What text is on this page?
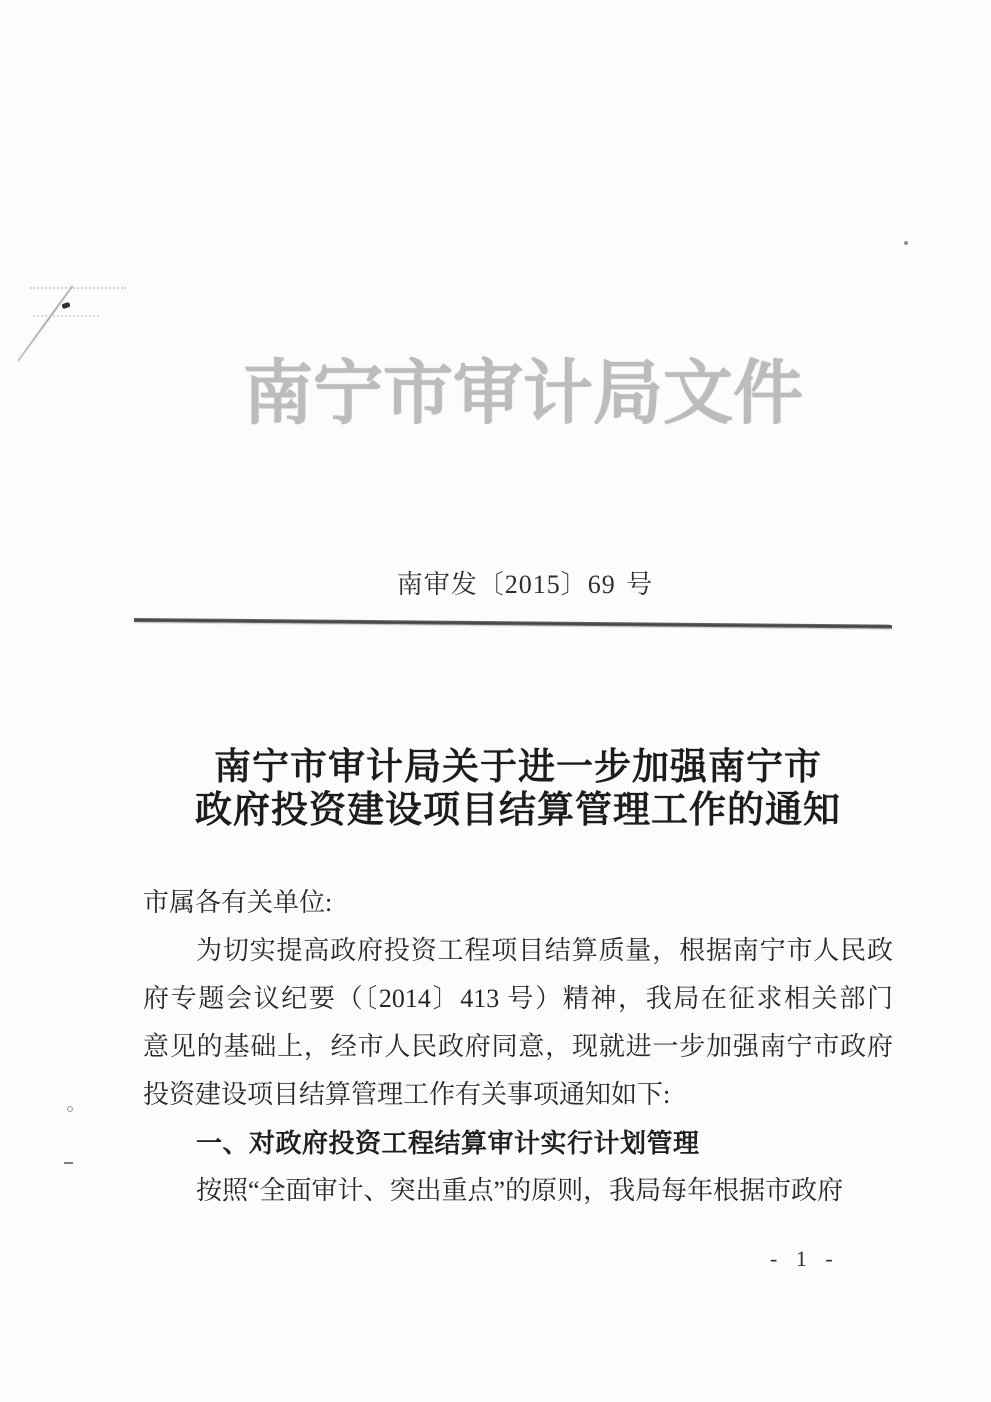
南宁市审计局文件
南审发〔2015〕69 号
南宁市审计局关于进一步加强南宁市
政府投资建设项目结算管理工作的通知
市属各有关单位:
为切实提高政府投资工程项目结算质量，根据南宁市人民政
府专题会议纪要（〔2014〕413 号）精神，我局在征求相关部门
意见的基础上，经市人民政府同意，现就进一步加强南宁市政府
投资建设项目结算管理工作有关事项通知如下:
一、对政府投资工程结算审计实行计划管理
按照“全面审计、突出重点”的原则，我局每年根据市政府
- 1 -
